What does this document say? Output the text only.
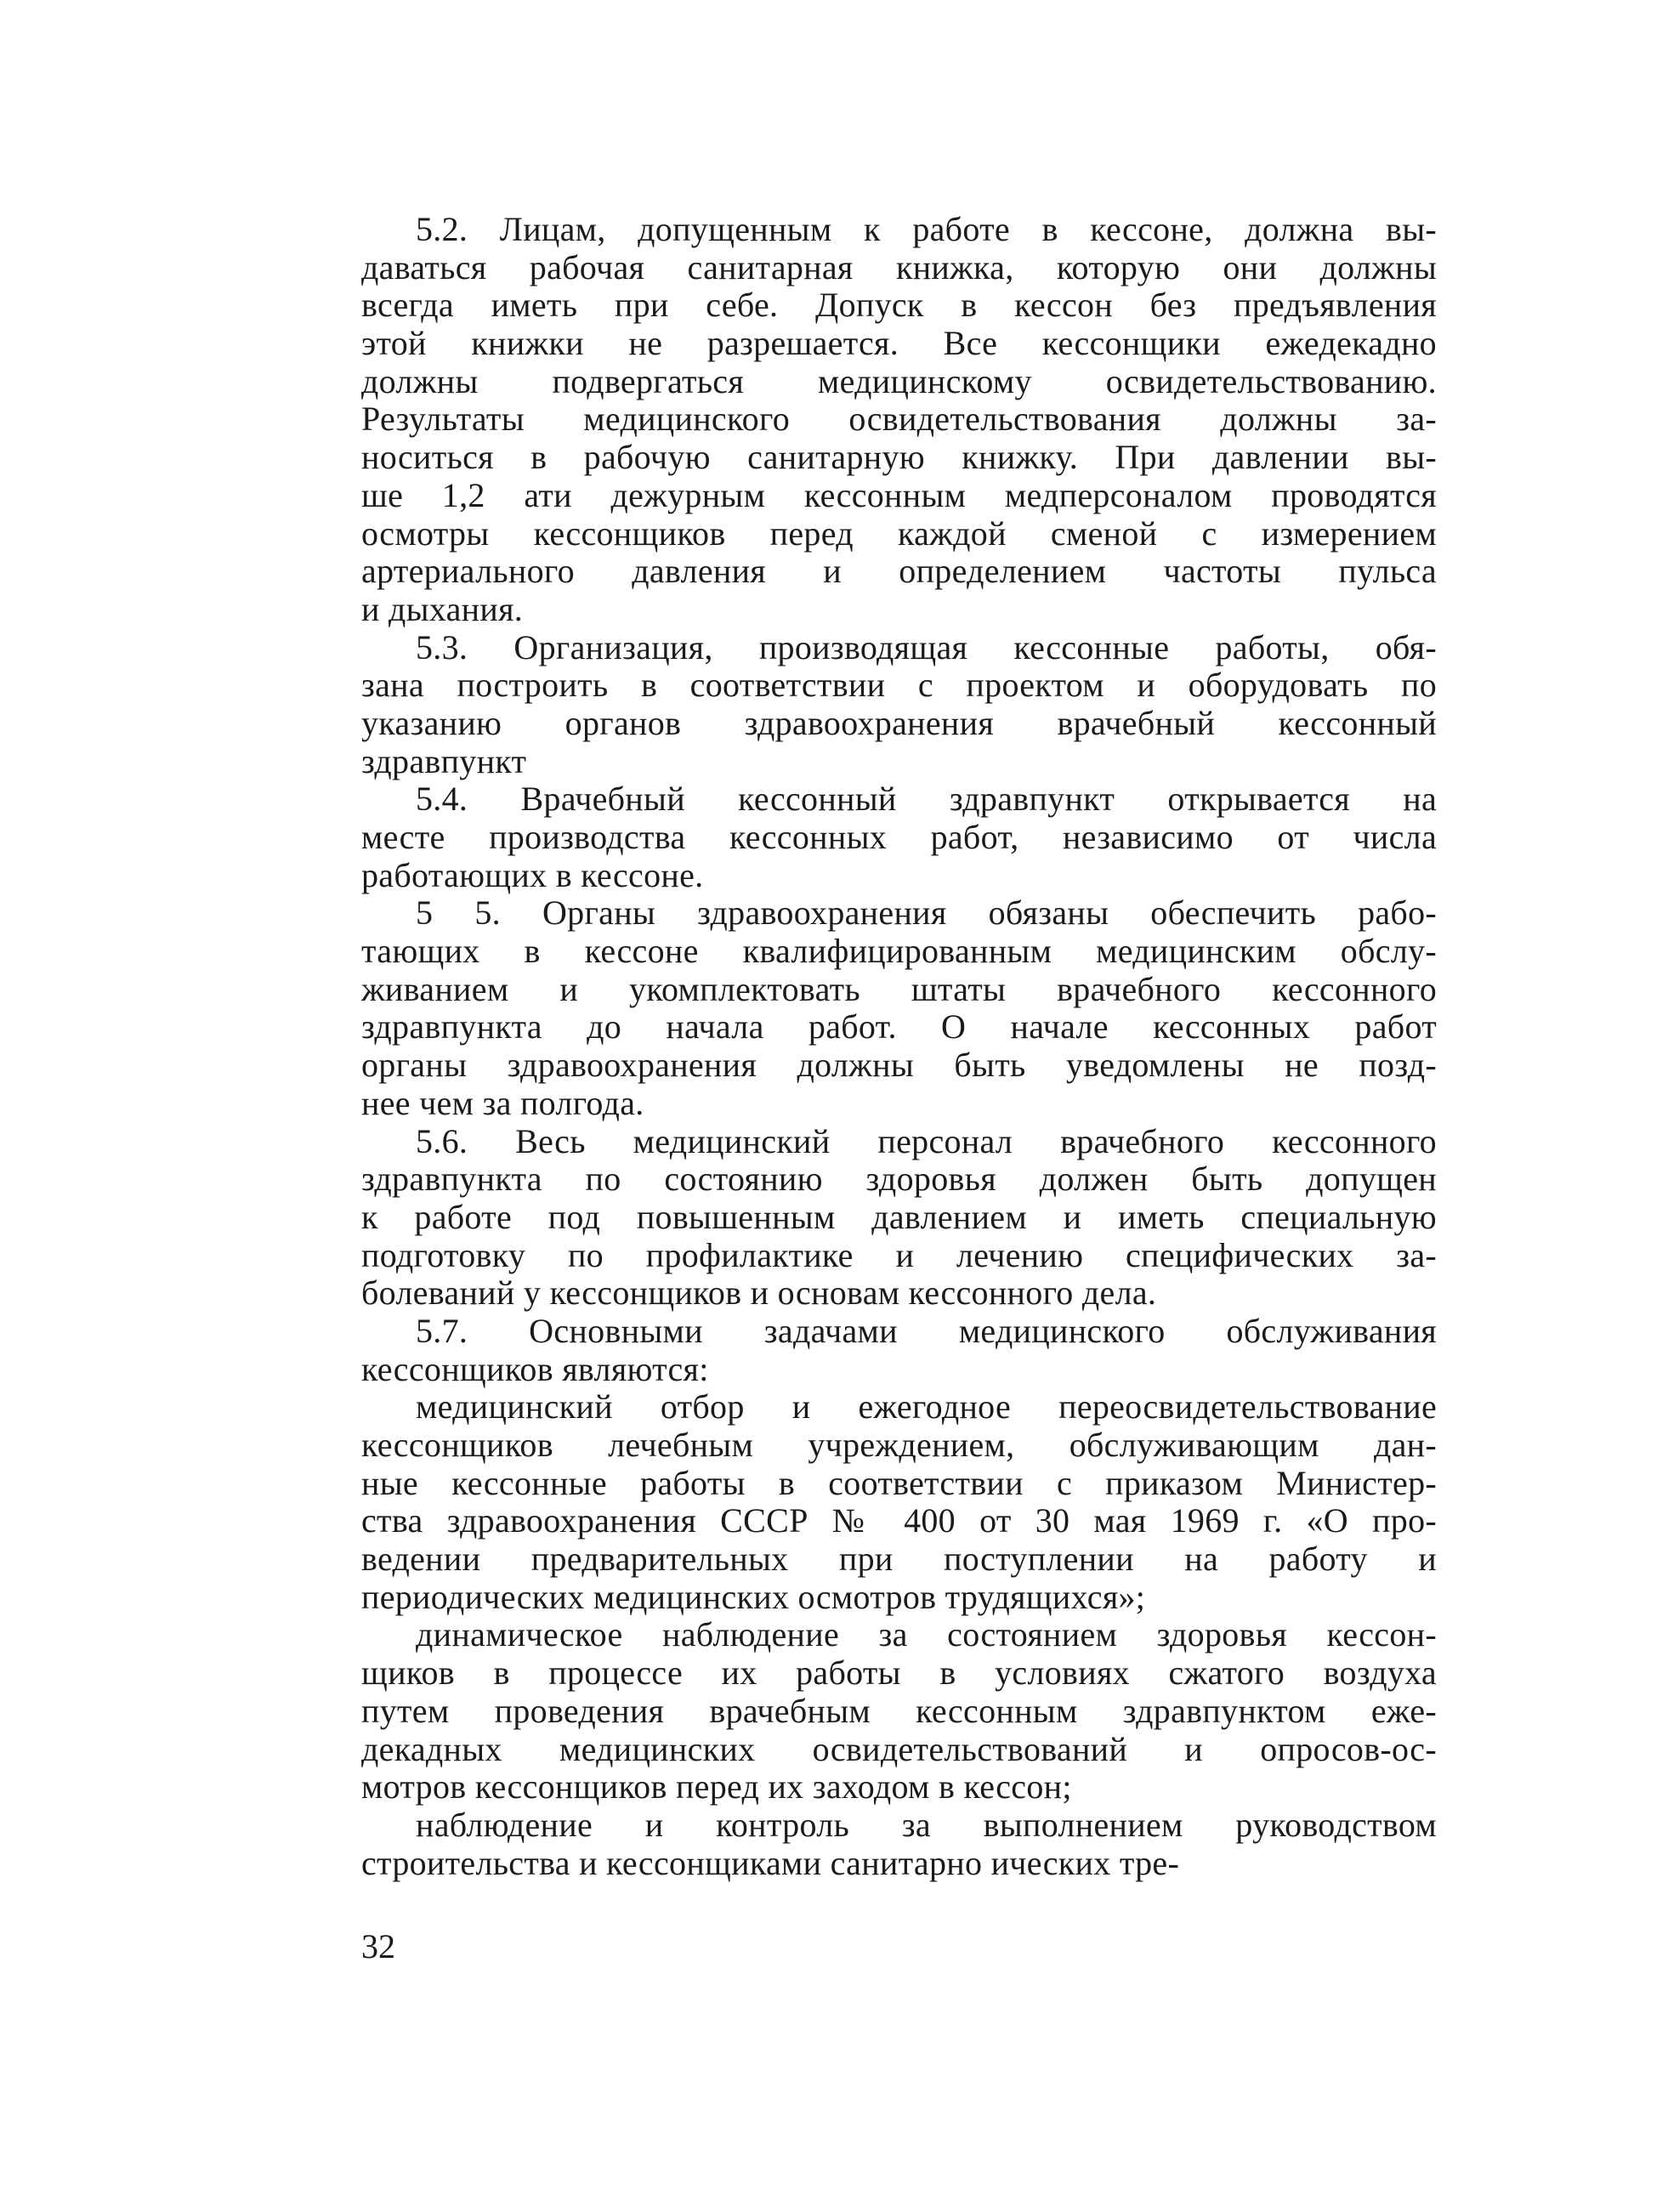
5.2. Лицам, допущенным к работе в кессоне, должна вы-
даваться рабочая санитарная книжка, которую они должны
всегда иметь при себе. Допуск в кессон без предъявления
этой книжки не разрешается. Все кессонщики ежедекадно
должны подвергаться медицинскому освидетельствованию.
Результаты медицинского освидетельствования должны за-
носиться в рабочую санитарную книжку. При давлении вы-
ше 1,2 ати дежурным кессонным медперсоналом проводятся
осмотры кессонщиков перед каждой сменой с измерением
артериального давления и определением частоты пульса
и дыхания.
5.3. Организация, производящая кессонные работы, обя-
зана построить в соответствии с проектом и оборудовать по
указанию органов здравоохранения врачебный кессонный
здравпункт
5.4. Врачебный кессонный здравпункт открывается на
месте производства кессонных работ, независимо от числа
работающих в кессоне.
5 5. Органы здравоохранения обязаны обеспечить рабо-
тающих в кессоне квалифицированным медицинским обслу-
живанием и укомплектовать штаты врачебного кессонного
здравпункта до начала работ. О начале кессонных работ
органы здравоохранения должны быть уведомлены не позд-
нее чем за полгода.
5.6. Весь медицинский персонал врачебного кессонного
здравпункта по состоянию здоровья должен быть допущен
к работе под повышенным давлением и иметь специальную
подготовку по профилактике и лечению специфических за-
болеваний у кессонщиков и основам кессонного дела.
5.7. Основными задачами медицинского обслуживания
кессонщиков являются:
медицинский отбор и ежегодное переосвидетельствование
кессонщиков лечебным учреждением, обслуживающим дан-
ные кессонные работы в соответствии с приказом Министер-
ства здравоохранения СССР № 400 от 30 мая 1969 г. «О про-
ведении предварительных при поступлении на работу и
периодических медицинских осмотров трудящихся»;
динамическое наблюдение за состоянием здоровья кессон-
щиков в процессе их работы в условиях сжатого воздуха
путем проведения врачебным кессонным здравпунктом еже-
декадных медицинских освидетельствований и опросов-ос-
мотров кессонщиков перед их заходом в кессон;
наблюдение и контроль за выполнением руководством
строительства и кессонщиками санитарно ических тре-
32
